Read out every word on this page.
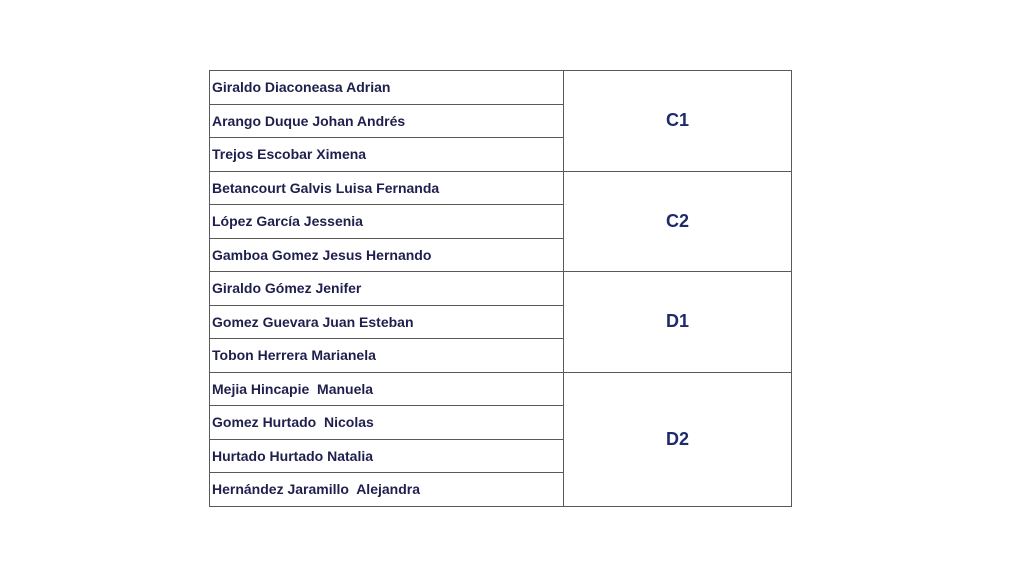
Giraldo Diaconeasa Adrian	C1
Arango Duque Johan Andrés	
Trejos Escobar Ximena	
Betancourt Galvis Luisa Fernanda	C2
López García Jessenia	
Gamboa Gomez Jesus Hernando	
Giraldo Gómez Jenifer	D1
Gomez Guevara Juan Esteban	
Tobon Herrera Marianela	
Mejia Hincapie  Manuela	D2
Gomez Hurtado  Nicolas	
Hurtado Hurtado Natalia	
Hernández Jaramillo  Alejandra	
